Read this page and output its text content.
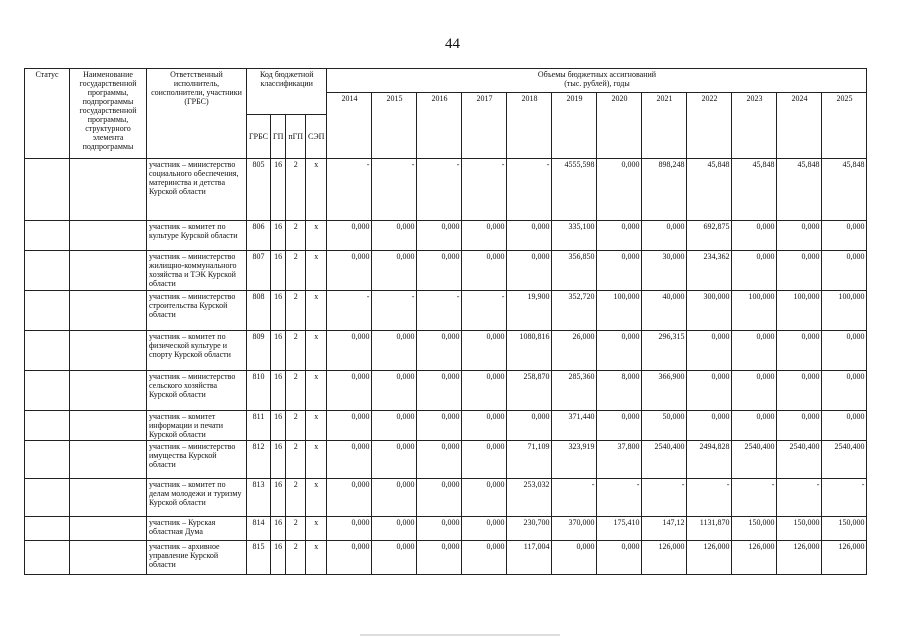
44
Статус	Наименование государственной программы, подпрограммы государственной программы, структурного элемента подпрограммы	Ответственный исполнитель, соисполнители, участники (ГРБС)	Код бюджетной классификации				Объемы бюджетных ассигнований
(тыс. рублей), годы											
							2014	2015	2016	2017	2018	2019	2020	2021	2022	2023	2024	2025
			ГРБС	ГП	пГП	СЭП												
		участник – министерство социального обеспечения, материнства и детства Курской области	805	16	2	х	-	-	-	-	-	4555,598	0,000	898,248	45,848	45,848	45,848	45,848
		участник – комитет по культуре Курской области	806	16	2	х	0,000	0,000	0,000	0,000	0,000	335,100	0,000	0,000	692,875	0,000	0,000	0,000
		участник – министерство жилищно-коммунального хозяйства и ТЭК Курской области	807	16	2	х	0,000	0,000	0,000	0,000	0,000	356,850	0,000	30,000	234,362	0,000	0,000	0,000
		участник – министерство строительства Курской области	808	16	2	х	-	-	-	-	19,900	352,720	100,000	40,000	300,000	100,000	100,000	100,000
		участник – комитет по физической культуре и спорту Курской области	809	16	2	х	0,000	0,000	0,000	0,000	1080,816	26,000	0,000	296,315	0,000	0,000	0,000	0,000
		участник – министерство сельского хозяйства Курской области	810	16	2	х	0,000	0,000	0,000	0,000	258,870	285,360	8,000	366,900	0,000	0,000	0,000	0,000
		участник – комитет информации и печати Курской области	811	16	2	х	0,000	0,000	0,000	0,000	0,000	371,440	0,000	50,000	0,000	0,000	0,000	0,000
		участник – министерство имущества Курской области	812	16	2	х	0,000	0,000	0,000	0,000	71,109	323,919	37,800	2540,400	2494,828	2540,400	2540,400	2540,400
		участник – комитет по делам молодежи и туризму Курской области	813	16	2	х	0,000	0,000	0,000	0,000	253,032	-	-	-	-	-	-	-
		участник – Курская областная Дума	814	16	2	х	0,000	0,000	0,000	0,000	230,700	370,000	175,410	147,12	1131,870	150,000	150,000	150,000
		участник – архивное управление Курской области	815	16	2	х	0,000	0,000	0,000	0,000	117,004	0,000	0,000	126,000	126,000	126,000	126,000	126,000
